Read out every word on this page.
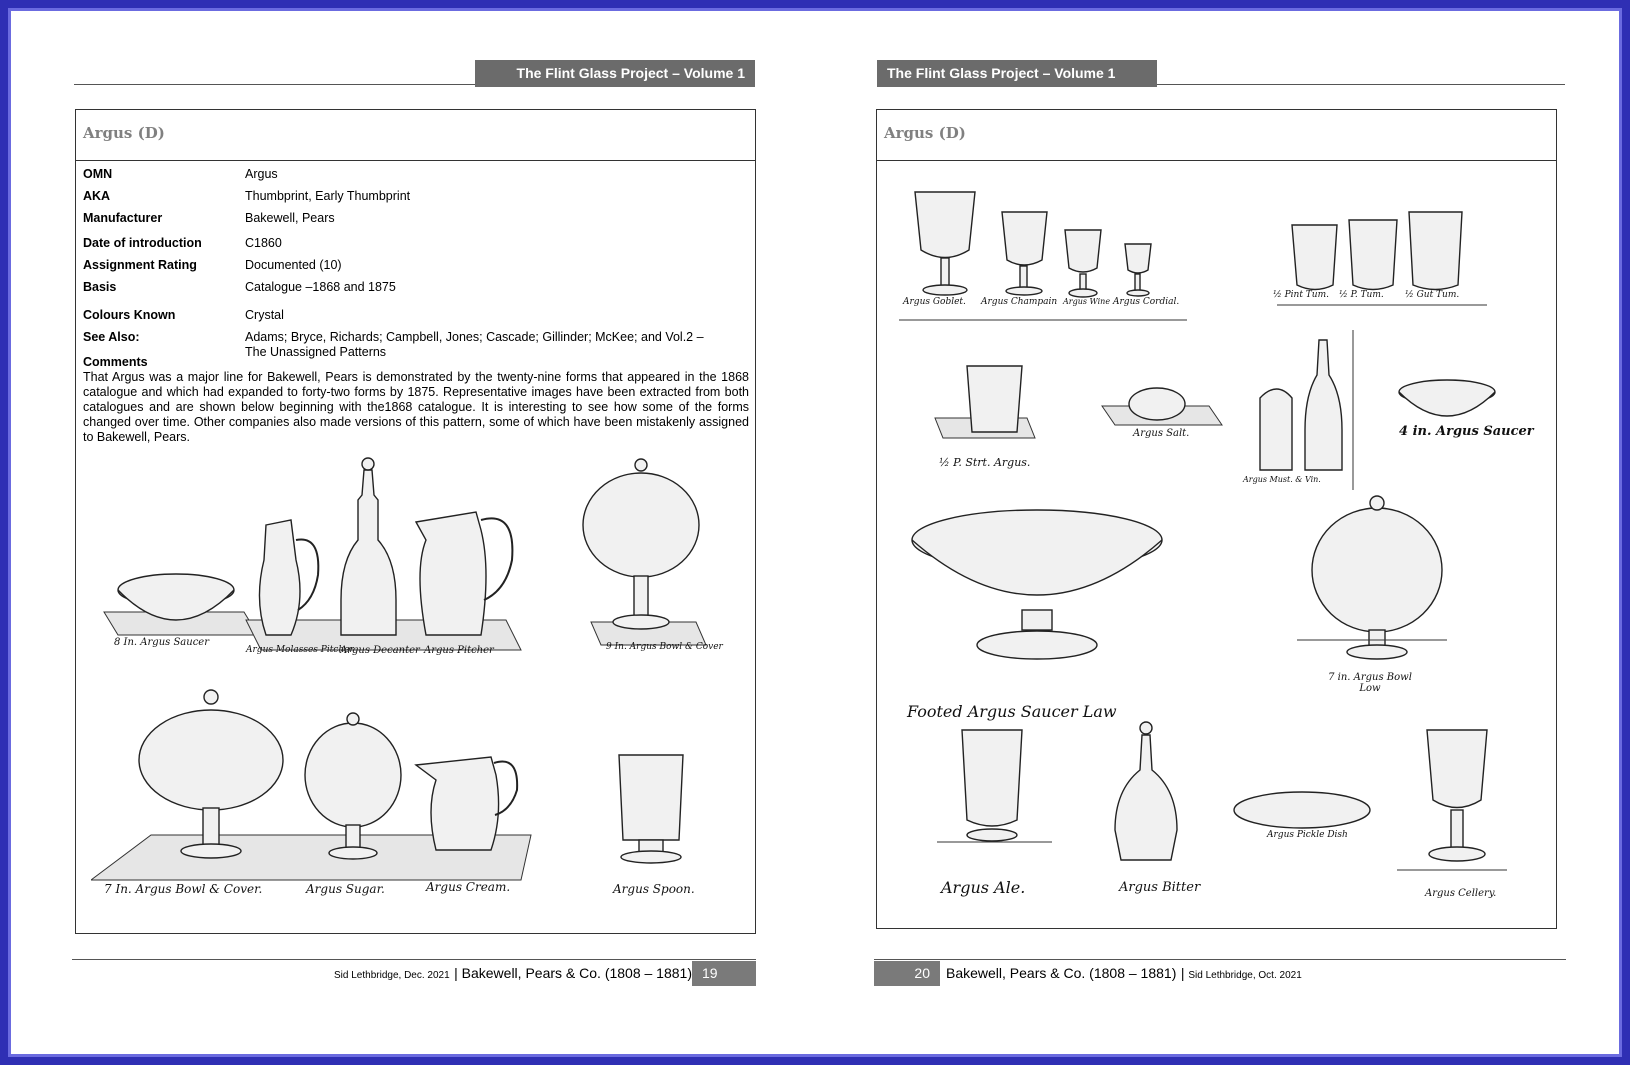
The Flint Glass Project – Volume 1
Argus (D)
OMN	Argus
AKA	Thumbprint, Early Thumbprint
Manufacturer	Bakewell, Pears
Date of introduction	C1860
Assignment Rating	Documented (10)
Basis	Catalogue –1868 and 1875
Colours Known	Crystal
See Also:	Adams; Bryce, Richards; Campbell, Jones; Cascade; Gillinder; McKee; and Vol.2 – The Unassigned Patterns
Comments
That Argus was a major line for Bakewell, Pears is demonstrated by the twenty-nine forms that appeared in the 1868 catalogue and which had expanded to forty-two forms by 1875. Representative images have been extracted from both catalogues and are shown below beginning with the1868 catalogue. It is interesting to see how some of the forms changed over time. Other companies also made versions of this pattern, some of which have been mistakenly assigned to Bakewell, Pears.
8 In. Argus Saucer
Argus Molasses Pitcher
Argus Decanter Argus Pitcher	9 In. Argus Bowl & Cover
7 In. Argus Bowl & Cover.	Argus Sugar.	Argus Cream.	Argus Spoon.
Sid Lethbridge, Dec. 2021 | Bakewell, Pears & Co. (1808 – 1881) 19
The Flint Glass Project – Volume 1
Argus (D)
Argus Goblet. Argus Champain Argus Wine Argus Cordial.
½ Pint Tum. ½ P. Tum. ½ Gut Tum.
½ P. Strt. Argus.
Argus Salt.
Argus Must. & Vin.
4 in. Argus Saucer
Footed Argus Saucer Law
7 in. Argus Bowl Low
Argus Ale.	Argus Bitter
Argus Pickle Dish
Argus Cellery.
20	Bakewell, Pears & Co. (1808 – 1881) | Sid Lethbridge, Oct. 2021
